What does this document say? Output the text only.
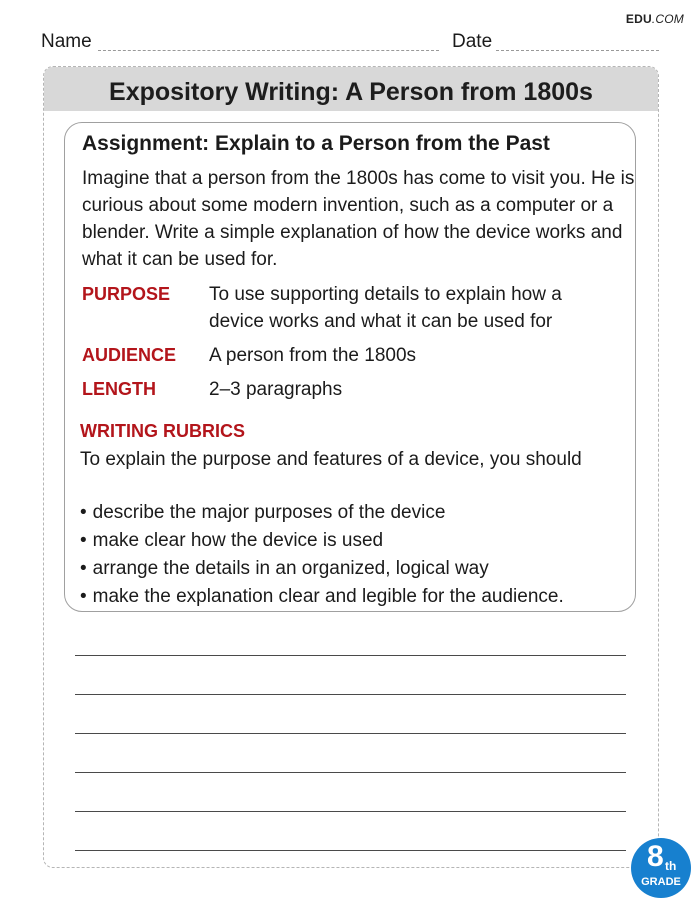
EDU.COM
Name	Date
Expository Writing: A Person from 1800s
Assignment: Explain to a Person from the Past
Imagine that a person from the 1800s has come to visit you. He is curious about some modern invention, such as a computer or a blender. Write a simple explanation of how the device works and what it can be used for.
PURPOSE To use supporting details to explain how a device works and what it can be used for
AUDIENCE A person from the 1800s
LENGTH	2–3 paragraphs
WRITING RUBRICS
To explain the purpose and features of a device, you should
• describe the major purposes of the device
• make clear how the device is used
• arrange the details in an organized, logical way
• make the explanation clear and legible for the audience.
8 th
GRADE
